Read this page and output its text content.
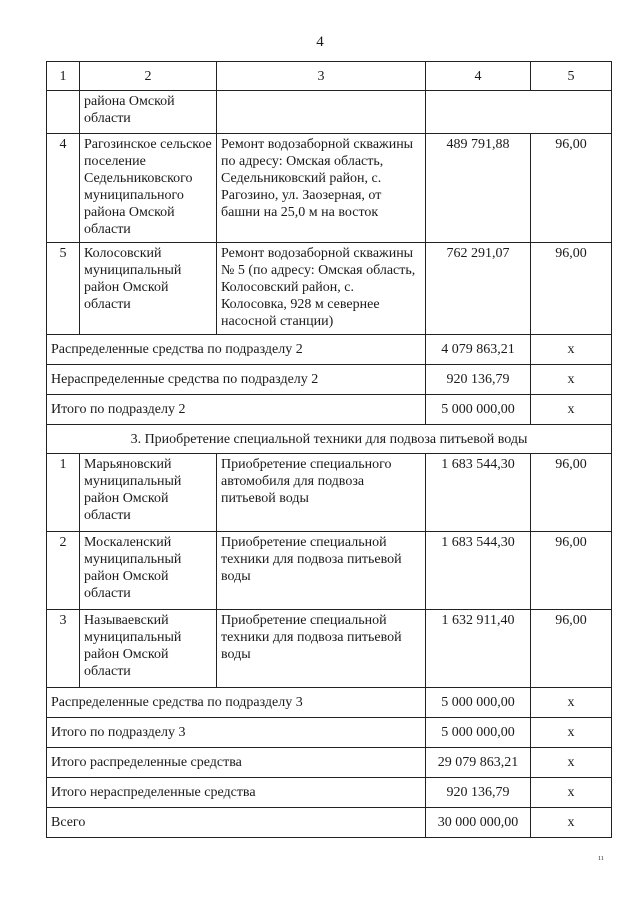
4
1	2	3	4	5
	района Омской области			
4	Рагозинское сельское поселение Седельниковского муниципального района Омской области	Ремонт водозаборной скважины по адресу: Омская область, Седельниковский район, с. Рагозино, ул. Заозерная, от башни на 25,0 м на восток	489 791,88	96,00
5	Колосовский муниципальный район Омской области	Ремонт водозаборной скважины № 5 (по адресу: Омская область, Колосовский район, с. Колосовка, 928 м севернее насосной станции)	762 291,07	96,00
Распределенные средства по подразделу 2			4 079 863,21	х
Нераспределенные средства по подразделу 2			920 136,79	х
Итого по подразделу 2			5 000 000,00	х
3. Приобретение специальной техники для подвоза питьевой воды				
1	Марьяновский муниципальный район Омской области	Приобретение специального автомобиля для подвоза питьевой воды	1 683 544,30	96,00
2	Москаленский муниципальный район Омской области	Приобретение специальной техники для подвоза питьевой воды	1 683 544,30	96,00
3	Называевский муниципальный район Омской области	Приобретение специальной техники для подвоза питьевой воды	1 632 911,40	96,00
Распределенные средства по подразделу 3			5 000 000,00	х
Итого по подразделу 3			5 000 000,00	х
Итого распределенные средства			29 079 863,21	х
Итого нераспределенные средства			920 136,79	х
Всего			30 000 000,00	х
11
